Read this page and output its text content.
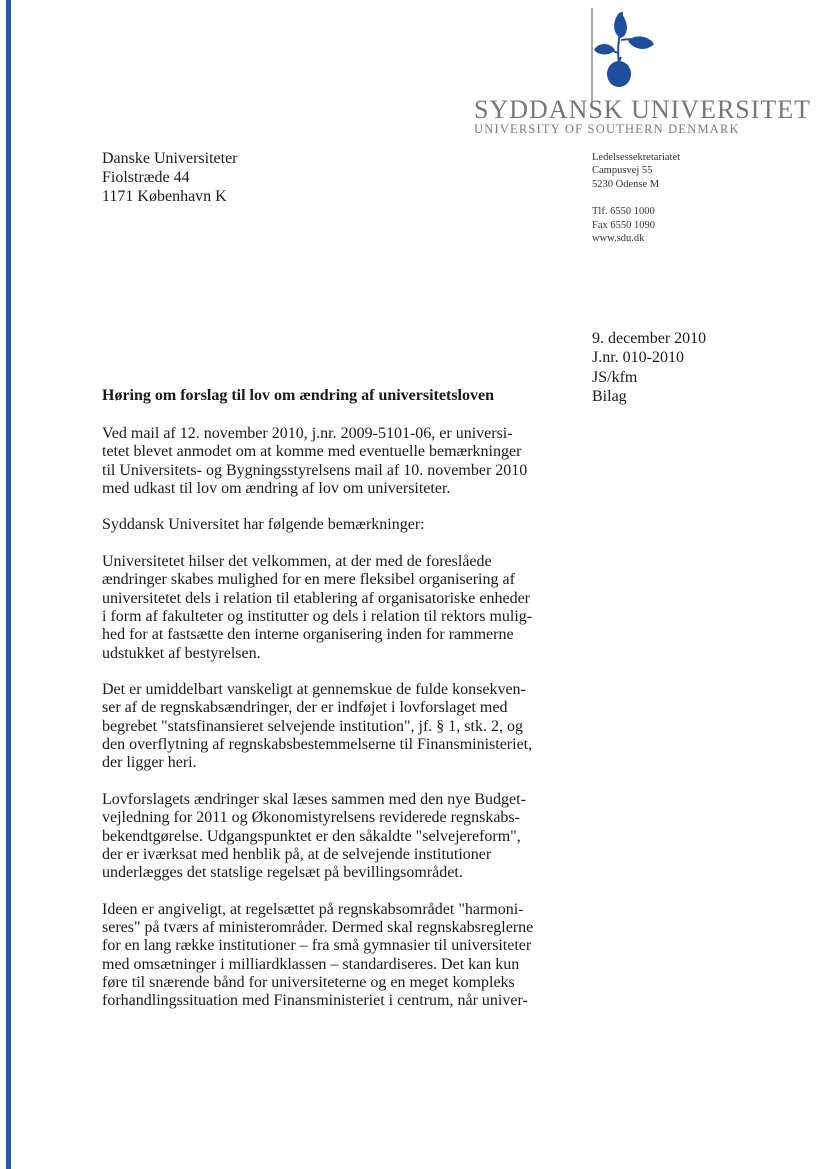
SYDDANSK UNIVERSITET
UNIVERSITY OF SOUTHERN DENMARK
Danske Universiteter
Fiolstræde 44
1171 København K
Ledelsessekretariatet
Campusvej 55
5230 Odense M
Tlf. 6550 1000
Fax 6550 1090
www.sdu.dk
9. december 2010
J.nr. 010-2010
JS/kfm
Bilag
Høring om forslag til lov om ændring af universitetsloven
Ved mail af 12. november 2010, j.nr. 2009-5101-06, er universi-
tetet blevet anmodet om at komme med eventuelle bemærkninger
til Universitets- og Bygningsstyrelsens mail af 10. november 2010
med udkast til lov om ændring af lov om universiteter.
Syddansk Universitet har følgende bemærkninger:
Universitetet hilser det velkommen, at der med de foreslåede
ændringer skabes mulighed for en mere fleksibel organisering af
universitetet dels i relation til etablering af organisatoriske enheder
i form af fakulteter og institutter og dels i relation til rektors mulig-
hed for at fastsætte den interne organisering inden for rammerne
udstukket af bestyrelsen.
Det er umiddelbart vanskeligt at gennemskue de fulde konsekven-
ser af de regnskabsændringer, der er indføjet i lovforslaget med
begrebet "statsfinansieret selvejende institution", jf. § 1, stk. 2, og
den overflytning af regnskabsbestemmelserne til Finansministeriet,
der ligger heri.
Lovforslagets ændringer skal læses sammen med den nye Budget-
vejledning for 2011 og Økonomistyrelsens reviderede regnskabs-
bekendtgørelse. Udgangspunktet er den såkaldte "selvejereform",
der er iværksat med henblik på, at de selvejende institutioner
underlægges det statslige regelsæt på bevillingsområdet.
Ideen er angiveligt, at regelsættet på regnskabsområdet "harmoni-
seres" på tværs af ministerområder. Dermed skal regnskabsreglerne
for en lang række institutioner – fra små gymnasier til universiteter
med omsætninger i milliardklassen – standardiseres. Det kan kun
føre til snærende bånd for universiteterne og en meget kompleks
forhandlingssituation med Finansministeriet i centrum, når univer-
